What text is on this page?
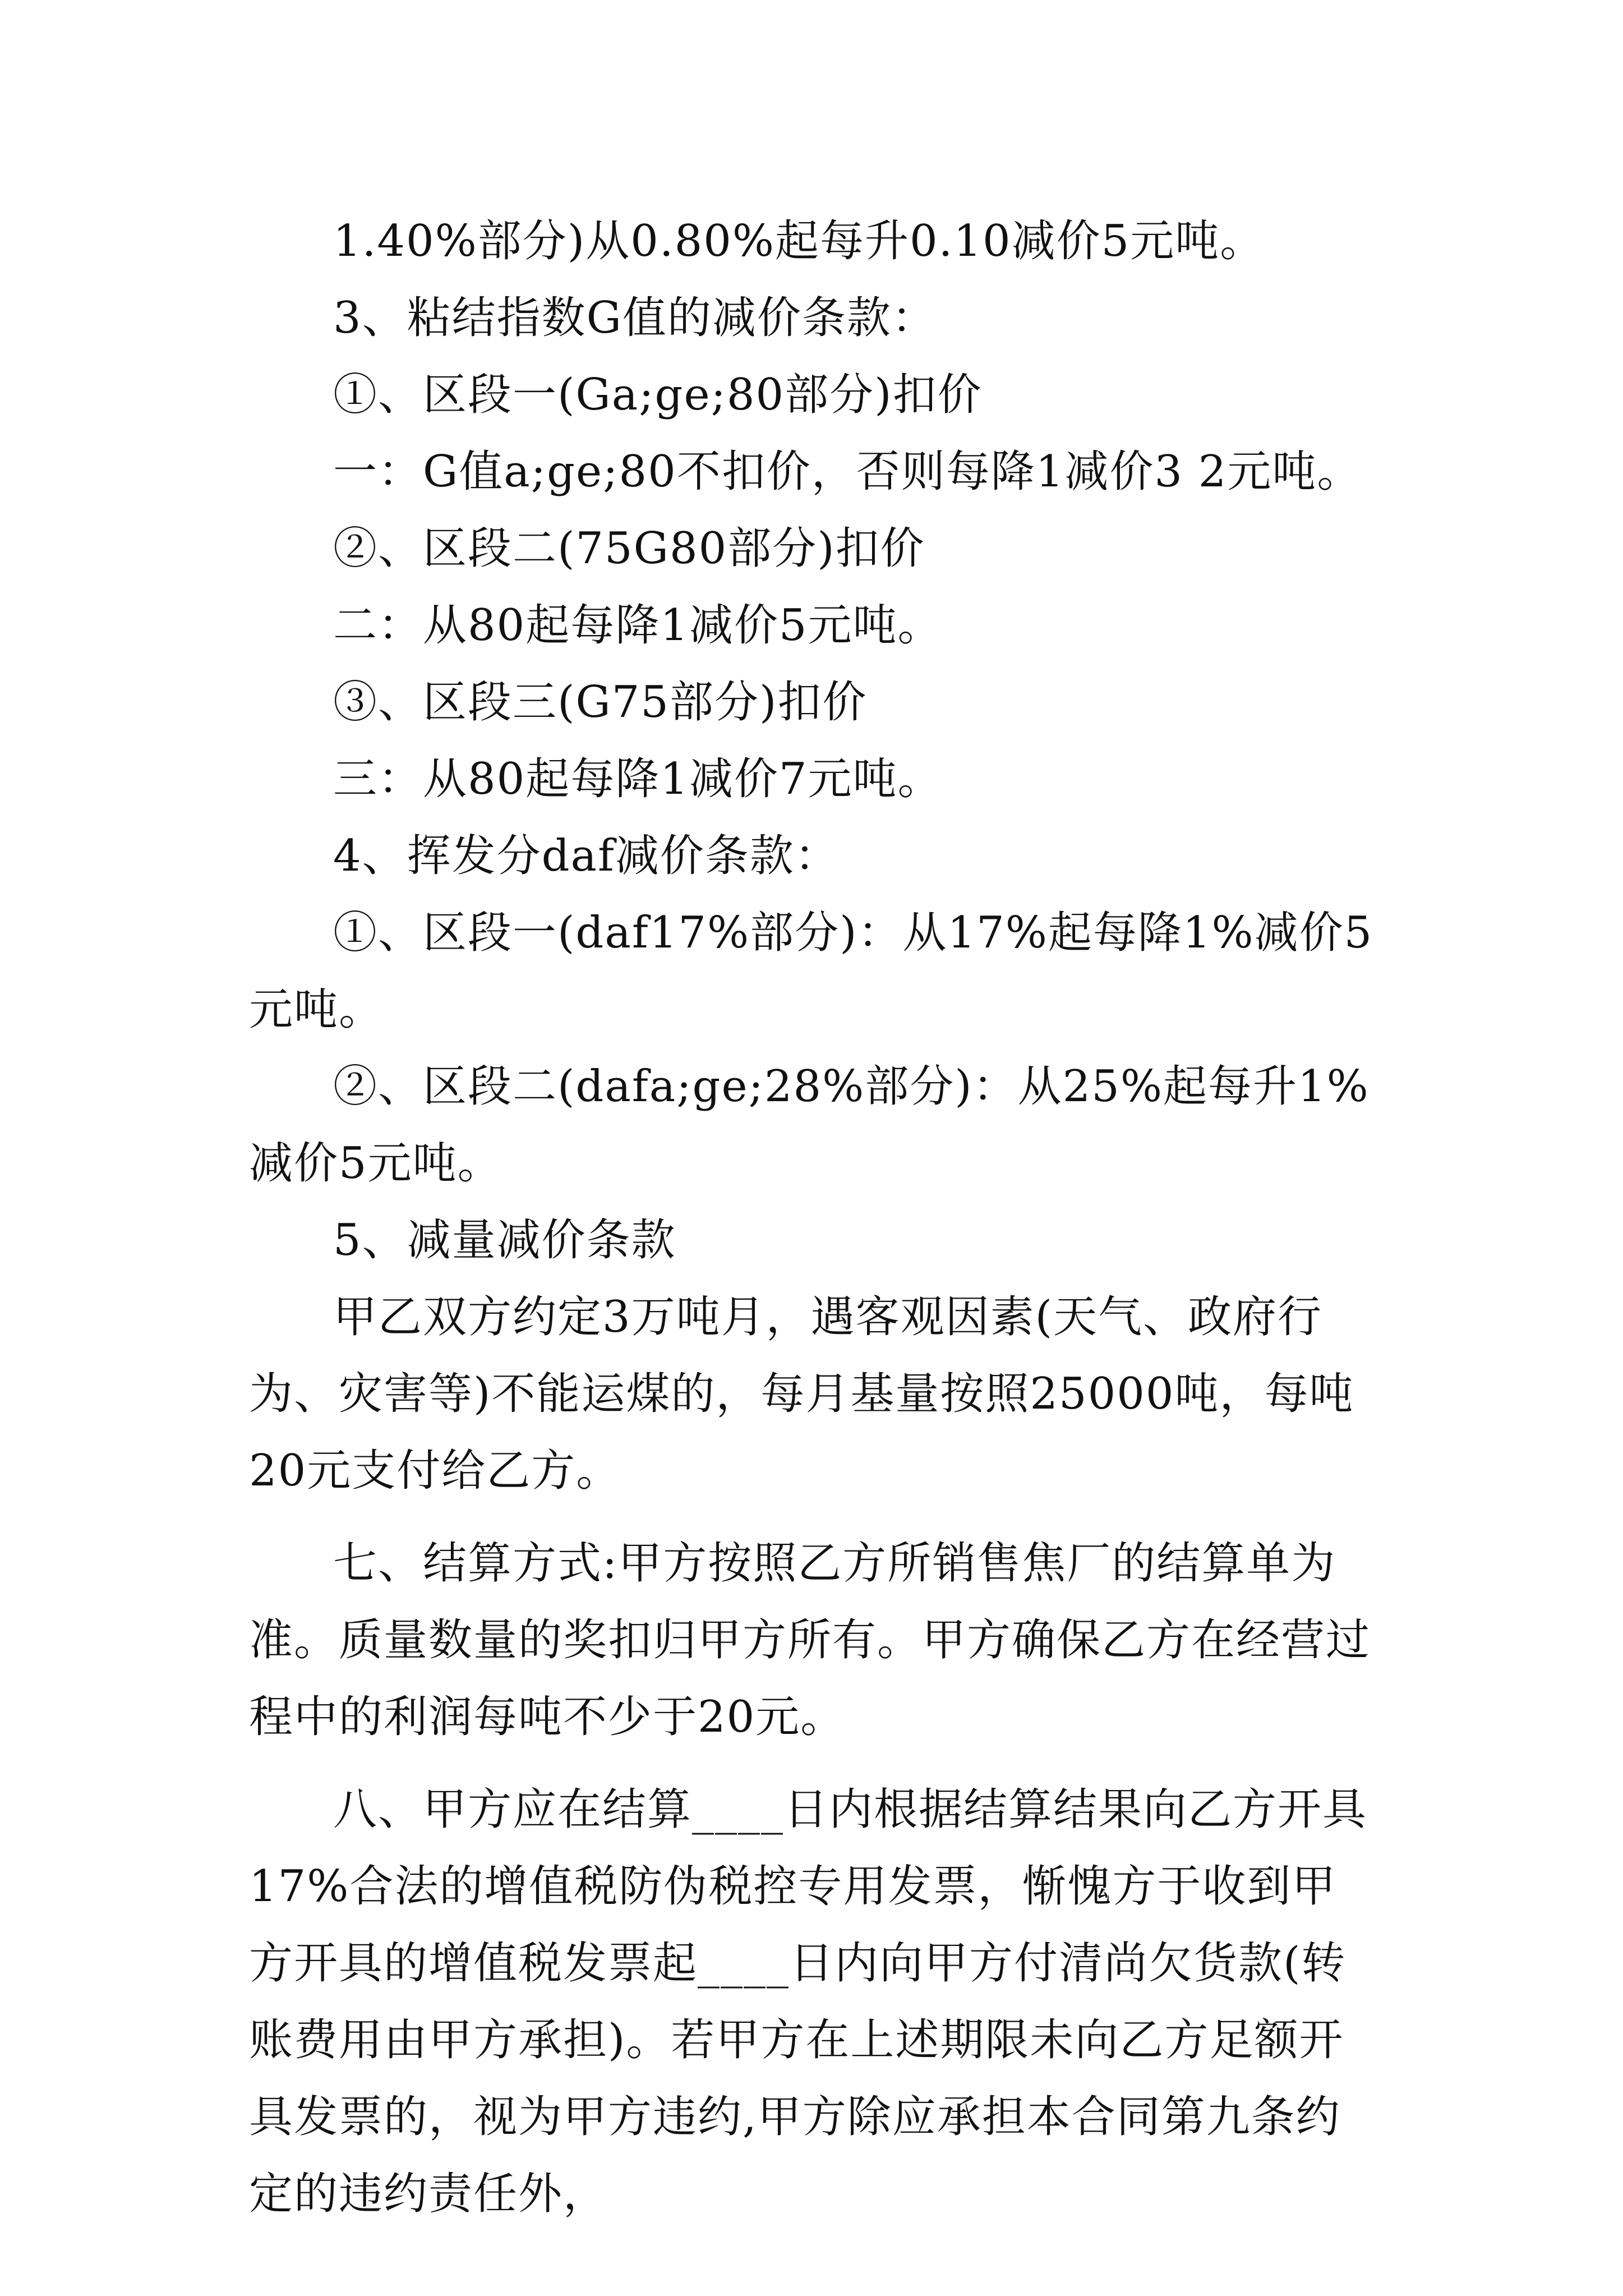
1.40%部分)从0.80%起每升0.10减价5元吨。

3、粘结指数G值的减价条款：

①、区段一(Ga;ge;80部分)扣价

一：G值a;ge;80不扣价，否则每降1减价3 2元吨。

②、区段二(75G80部分)扣价

二：从80起每降1减价5元吨。

③、区段三(G75部分)扣价

三：从80起每降1减价7元吨。

4、挥发分daf减价条款：

①、区段一(daf17%部分)：从17%起每降1%减价5元吨。

②、区段二(dafa;ge;28%部分)：从25%起每升1%减价5元吨。

5、减量减价条款

甲乙双方约定3万吨月，遇客观因素(天气、政府行为、灾害等)不能运煤的，每月基量按照25000吨，每吨20元支付给乙方。

七、结算方式:甲方按照乙方所销售焦厂的结算单为准。质量数量的奖扣归甲方所有。甲方确保乙方在经营过程中的利润每吨不少于20元。

八、甲方应在结算____日内根据结算结果向乙方开具17%合法的增值税防伪税控专用发票，惭愧方于收到甲方开具的增值税发票起____日内向甲方付清尚欠货款(转账费用由甲方承担)。若甲方在上述期限未向乙方足额开具发票的，视为甲方违约,甲方除应承担本合同第九条约定的违约责任外，
